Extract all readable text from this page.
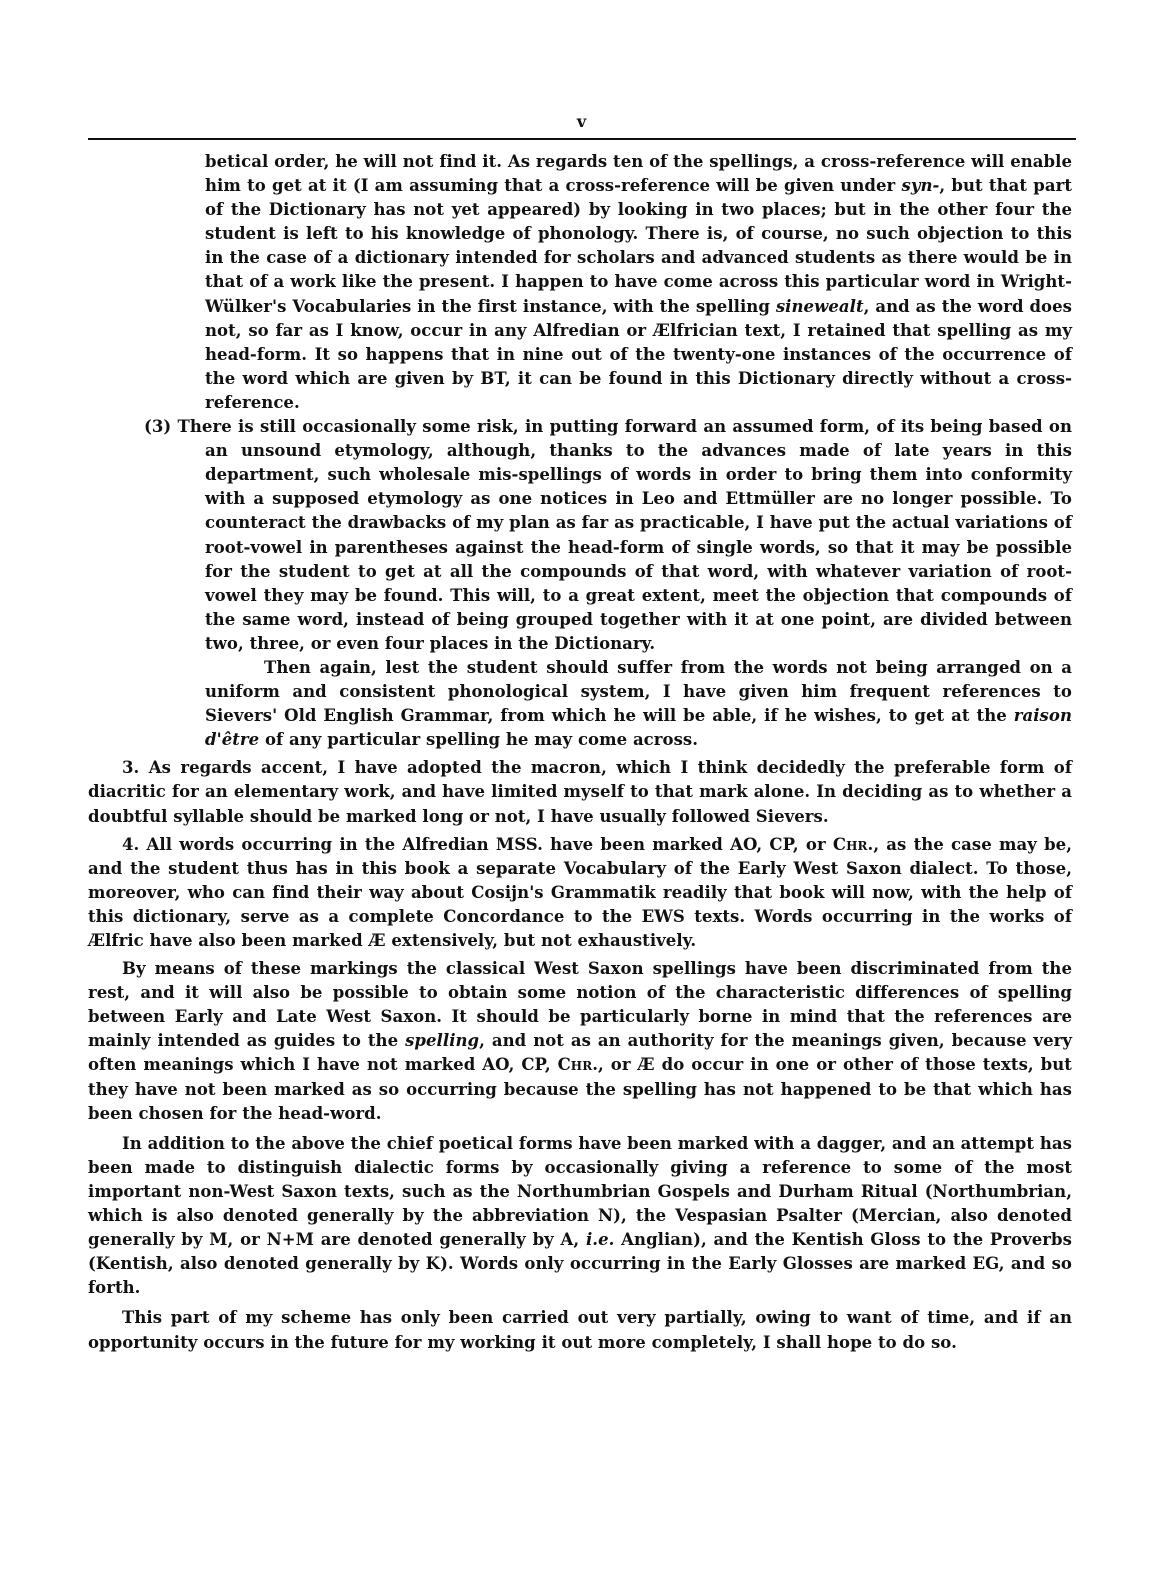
v

betical order, he will not find it. As regards ten of the spellings, a cross-reference will enable him to get at it (I am assuming that a cross-reference will be given under syn-, but that part of the Dictionary has not yet appeared) by looking in two places; but in the other four the student is left to his knowledge of phonology. There is, of course, no such objection to this in the case of a dictionary intended for scholars and advanced students as there would be in that of a work like the present. I happen to have come across this particular word in Wright-Wülker's Vocabularies in the first instance, with the spelling sinewealt, and as the word does not, so far as I know, occur in any Alfredian or Ælfrician text, I retained that spelling as my head-form. It so happens that in nine out of the twenty-one instances of the occurrence of the word which are given by BT, it can be found in this Dictionary directly without a cross-reference.

(3) There is still occasionally some risk, in putting forward an assumed form, of its being based on an unsound etymology, although, thanks to the advances made of late years in this department, such wholesale mis-spellings of words in order to bring them into conformity with a supposed etymology as one notices in Leo and Ettmüller are no longer possible. To counteract the drawbacks of my plan as far as practicable, I have put the actual variations of root-vowel in parentheses against the head-form of single words, so that it may be possible for the student to get at all the compounds of that word, with whatever variation of root-vowel they may be found. This will, to a great extent, meet the objection that compounds of the same word, instead of being grouped together with it at one point, are divided between two, three, or even four places in the Dictionary.

Then again, lest the student should suffer from the words not being arranged on a uniform and consistent phonological system, I have given him frequent references to Sievers' Old English Grammar, from which he will be able, if he wishes, to get at the raison d'être of any particular spelling he may come across.

3. As regards accent, I have adopted the macron, which I think decidedly the preferable form of diacritic for an elementary work, and have limited myself to that mark alone. In deciding as to whether a doubtful syllable should be marked long or not, I have usually followed Sievers.

4. All words occurring in the Alfredian MSS. have been marked AO, CP, or Chr., as the case may be, and the student thus has in this book a separate Vocabulary of the Early West Saxon dialect. To those, moreover, who can find their way about Cosijn's Grammatik readily that book will now, with the help of this dictionary, serve as a complete Concordance to the EWS texts. Words occurring in the works of Ælfric have also been marked Æ extensively, but not exhaustively.

By means of these markings the classical West Saxon spellings have been discriminated from the rest, and it will also be possible to obtain some notion of the characteristic differences of spelling between Early and Late West Saxon. It should be particularly borne in mind that the references are mainly intended as guides to the spelling, and not as an authority for the meanings given, because very often meanings which I have not marked AO, CP, Chr., or Æ do occur in one or other of those texts, but they have not been marked as so occurring because the spelling has not happened to be that which has been chosen for the head-word.

In addition to the above the chief poetical forms have been marked with a dagger, and an attempt has been made to distinguish dialectic forms by occasionally giving a reference to some of the most important non-West Saxon texts, such as the Northumbrian Gospels and Durham Ritual (Northumbrian, which is also denoted generally by the abbreviation N), the Vespasian Psalter (Mercian, also denoted generally by M, or N+M are denoted generally by A, i.e. Anglian), and the Kentish Gloss to the Proverbs (Kentish, also denoted generally by K). Words only occurring in the Early Glosses are marked EG, and so forth.

This part of my scheme has only been carried out very partially, owing to want of time, and if an opportunity occurs in the future for my working it out more completely, I shall hope to do so.
